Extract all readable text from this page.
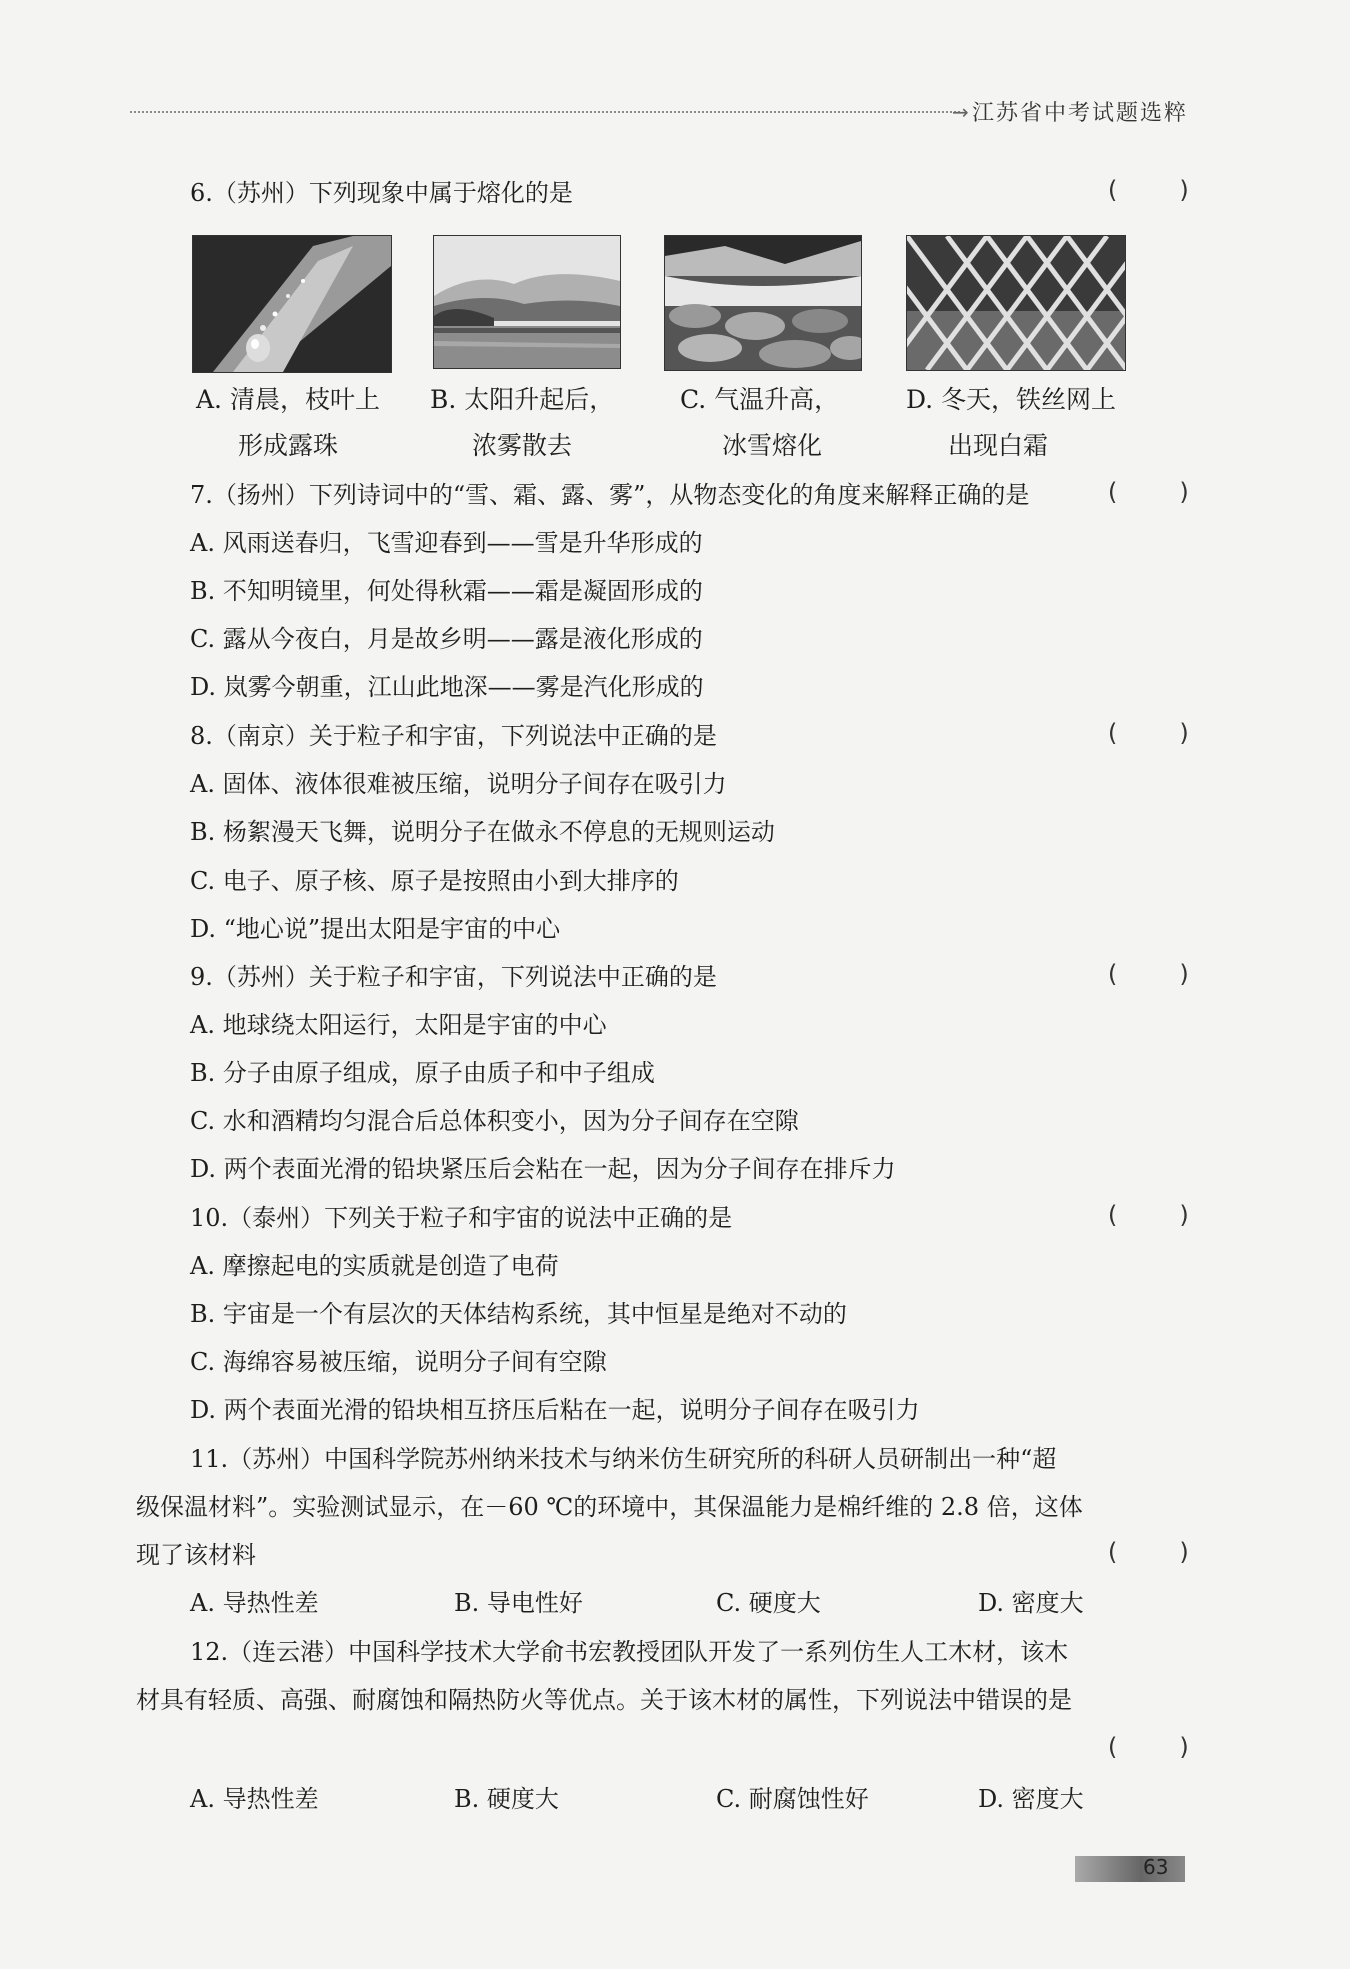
→ 江苏省中考试题选粹
6.（苏州）下列现象中属于熔化的是	(    )
A. 清晨，枝叶上
形成露珠
B. 太阳升起后，
浓雾散去
C. 气温升高，
冰雪熔化
D. 冬天，铁丝网上
出现白霜
7.（扬州）下列诗词中的“雪、霜、露、雾”，从物态变化的角度来解释正确的是	(    )
A. 风雨送春归，飞雪迎春到——雪是升华形成的
B. 不知明镜里，何处得秋霜——霜是凝固形成的
C. 露从今夜白，月是故乡明——露是液化形成的
D. 岚雾今朝重，江山此地深——雾是汽化形成的
8.（南京）关于粒子和宇宙，下列说法中正确的是	(    )
A. 固体、液体很难被压缩，说明分子间存在吸引力
B. 杨絮漫天飞舞，说明分子在做永不停息的无规则运动
C. 电子、原子核、原子是按照由小到大排序的
D. “地心说”提出太阳是宇宙的中心
9.（苏州）关于粒子和宇宙，下列说法中正确的是	(    )
A. 地球绕太阳运行，太阳是宇宙的中心
B. 分子由原子组成，原子由质子和中子组成
C. 水和酒精均匀混合后总体积变小，因为分子间存在空隙
D. 两个表面光滑的铅块紧压后会粘在一起，因为分子间存在排斥力
10.（泰州）下列关于粒子和宇宙的说法中正确的是	(    )
A. 摩擦起电的实质就是创造了电荷
B. 宇宙是一个有层次的天体结构系统，其中恒星是绝对不动的
C. 海绵容易被压缩，说明分子间有空隙
D. 两个表面光滑的铅块相互挤压后粘在一起，说明分子间存在吸引力
11.（苏州）中国科学院苏州纳米技术与纳米仿生研究所的科研人员研制出一种“超
级保温材料”。实验测试显示，在－60 ℃的环境中，其保温能力是棉纤维的 2.8 倍，这体
现了该材料	(    )
A. 导热性差	B. 导电性好	C. 硬度大	D. 密度大
12.（连云港）中国科学技术大学俞书宏教授团队开发了一系列仿生人工木材，该木
材具有轻质、高强、耐腐蚀和隔热防火等优点。关于该木材的属性，下列说法中错误的是
(    )
A. 导热性差	B. 硬度大	C. 耐腐蚀性好	D. 密度大
63
